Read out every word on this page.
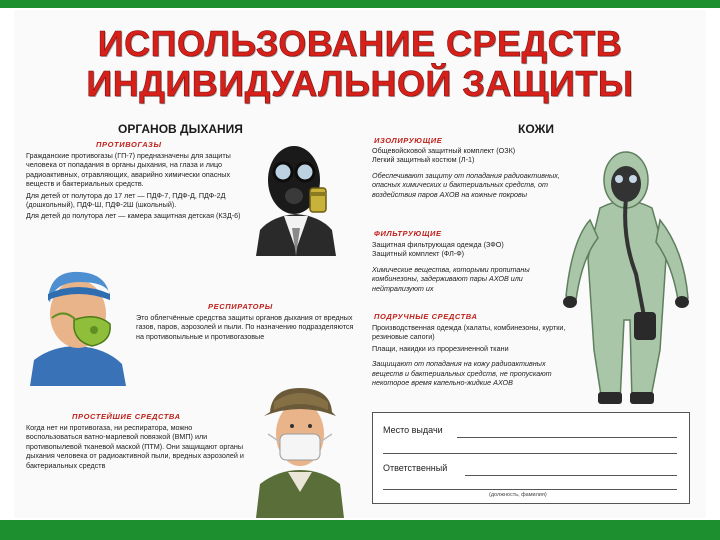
ИСПОЛЬЗОВАНИЕ СРЕДСТВ
ИНДИВИДУАЛЬНОЙ ЗАЩИТЫ
ОРГАНОВ ДЫХАНИЯ
ПРОТИВОГАЗЫ

Гражданские противогазы (ГП-7) предназначены для защиты человека от попадания в органы дыхания, на глаза и лицо радиоактивных, отравляющих, аварийно химически опасных веществ и бактериальных средств.

Для детей от полутора до 17 лет — ПДФ-7, ПДФ-Д, ПДФ-2Д (дошкольный), ПДФ-Ш, ПДФ-2Ш (школьный).

Для детей до полутора лет — камера защитная детская (КЗД-6)

РЕСПИРАТОРЫ

Это облегчённые средства защиты органов дыхания от вредных газов, паров, аэрозолей и пыли. По назначению подразделяются на противопыльные и противогазовые

ПРОСТЕЙШИЕ СРЕДСТВА

Когда нет ни противогаза, ни респиратора, можно воспользоваться ватно-марлевой повязкой (ВМП) или противопылевой тканевой маской (ПТМ). Они защищают органы дыхания человека от радиоактивной пыли, вредных аэрозолей и бактериальных средств

КОЖИ
ИЗОЛИРУЮЩИЕ

Общевойсковой защитный комплект (ОЗК)

Легкий защитный костюм (Л-1)

Обеспечивают защиту от попадания радиоактивных, опасных химических и бактериальных средств, от воздействия паров АХОВ на кожные покровы

ФИЛЬТРУЮЩИЕ

Защитная фильтрующая одежда (ЗФО)

Защитный комплект (ФЛ-Ф)

Химические вещества, которыми пропитаны комбинезоны, задерживают пары АХОВ или нейтрализуют их

ПОДРУЧНЫЕ СРЕДСТВА

Производственная одежда (халаты, комбинезоны, куртки, резиновые сапоги)

Плащи, накидки из прорезиненной ткани

Защищают от попадания на кожу радиоактивных веществ и бактериальных средств, не пропускают некоторое время капельно-жидкие АХОВ

Место выдачи
Ответственный
(должность, фамилия)
